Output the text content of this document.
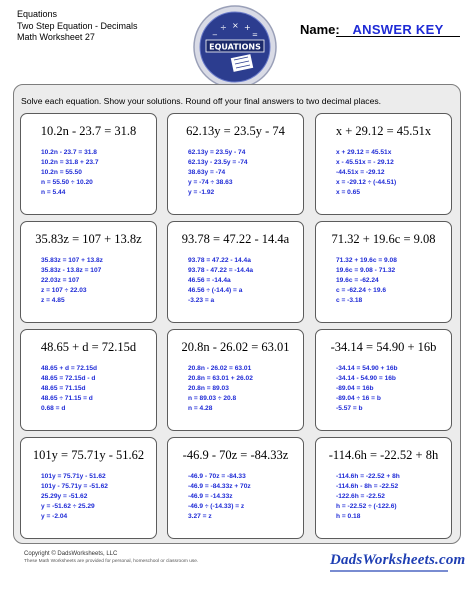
Equations
Two Step Equation - Decimals
Math Worksheet 27
÷ × +
−	=
EQUATIONS
Name: ANSWER KEY
Solve each equation. Show your solutions. Round off your final answers to two decimal places.
10.2n - 23.7 = 31.8
10.2n - 23.7 = 31.8
10.2n = 31.8 + 23.7
10.2n = 55.50
n = 55.50 ÷ 10.20
n = 5.44
62.13y = 23.5y - 74
62.13y = 23.5y - 74
62.13y - 23.5y = -74
38.63y = -74
y = -74 ÷ 38.63
y = -1.92
x + 29.12 = 45.51x
x + 29.12 = 45.51x
x - 45.51x = - 29.12
-44.51x = -29.12
x = -29.12 ÷ (-44.51)
x = 0.65
35.83z = 107 + 13.8z
35.83z = 107 + 13.8z
35.83z - 13.8z = 107
22.03z = 107
z = 107 ÷ 22.03
z = 4.85
93.78 = 47.22 - 14.4a
93.78 = 47.22 - 14.4a
93.78 - 47.22 = -14.4a
46.56 = -14.4a
46.56 ÷ (-14.4) = a
-3.23 = a
71.32 + 19.6c = 9.08
71.32 + 19.6c = 9.08
19.6c = 9.08 - 71.32
19.6c = -62.24
c = -62.24 ÷ 19.6
c = -3.18
48.65 + d = 72.15d
48.65 + d = 72.15d
48.65 = 72.15d - d
48.65 = 71.15d
48.65 ÷ 71.15 = d
0.68 = d
20.8n - 26.02 = 63.01
20.8n - 26.02 = 63.01
20.8n = 63.01 + 26.02
20.8n = 89.03
n = 89.03 ÷ 20.8
n = 4.28
-34.14 = 54.90 + 16b
-34.14 = 54.90 + 16b
-34.14 - 54.90 = 16b
-89.04 = 16b
-89.04 ÷ 16 = b
-5.57 = b
101y = 75.71y - 51.62
101y = 75.71y - 51.62
101y - 75.71y = -51.62
25.29y = -51.62
y = -51.62 ÷ 25.29
y = -2.04
-46.9 - 70z = -84.33z
-46.9 - 70z = -84.33
-46.9 = -84.33z + 70z
-46.9 = -14.33z
-46.9 ÷ (-14.33) = z
3.27 = z
-114.6h = -22.52 + 8h
-114.6h = -22.52 + 8h
-114.6h - 8h = -22.52
-122.6h = -22.52
h = -22.52 ÷ (-122.6)
h = 0.18
Copyright © DadsWorksheets, LLC
These Math Worksheets are provided for personal, homeschool or classroom use.	DadsWorksheets.com
